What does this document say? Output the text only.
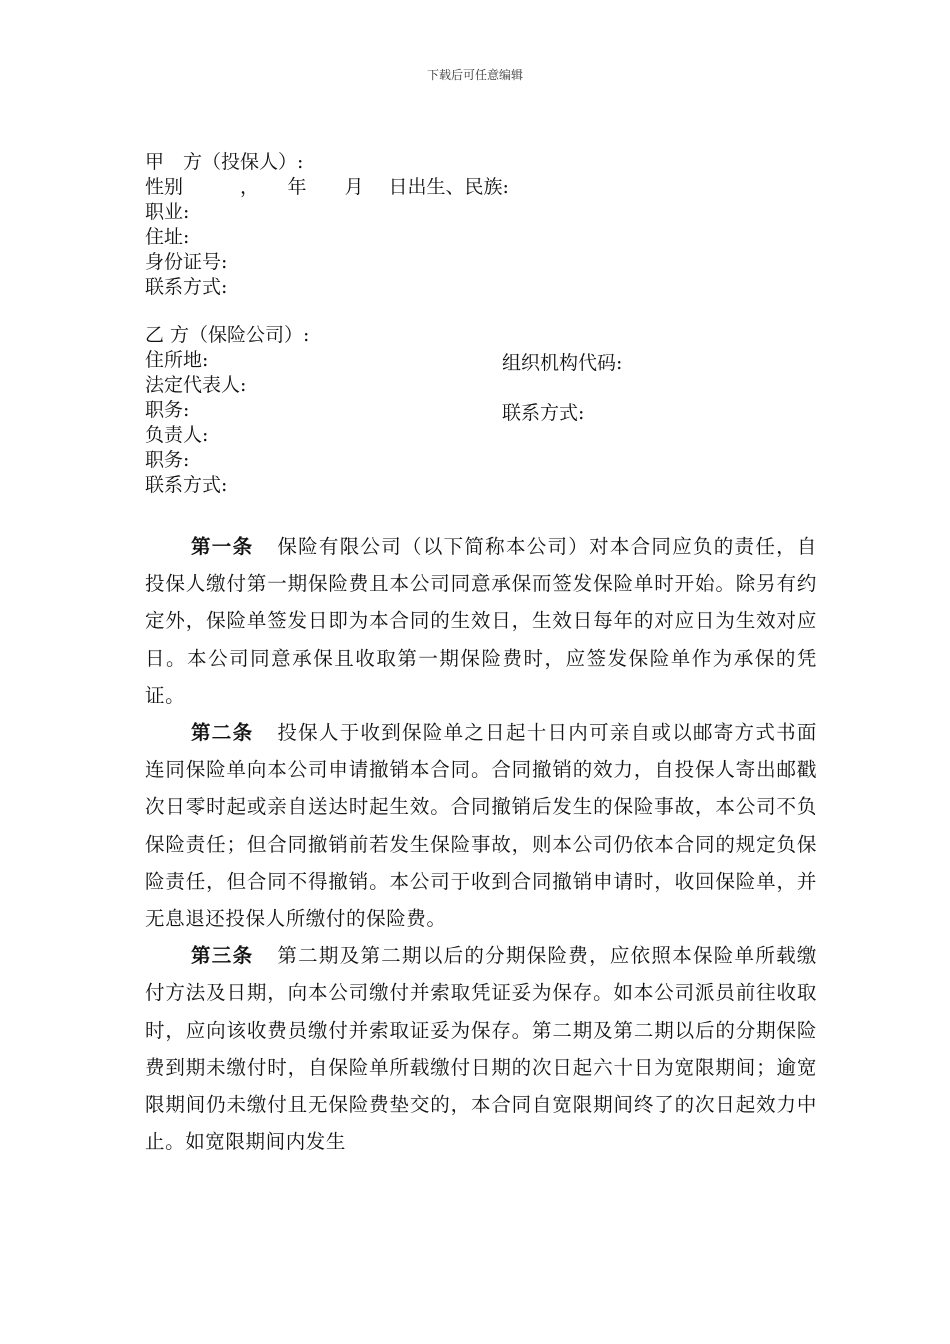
下载后可任意编辑
甲　方（投保人）:
性别　　　，　　年　　月　 日出生、民族:
职业:
住址:
身份证号:
联系方式:
乙 方（保险公司）:
住所地:
法定代表人:
职务:
负责人:
职务:
联系方式:
组织机构代码:
联系方式:

第一条 保险有限公司（以下简称本公司）对本合同应负的责任，自投保人缴付第一期保险费且本公司同意承保而签发保险单时开始。除另有约定外，保险单签发日即为本合同的生效日，生效日每年的对应日为生效对应日。本公司同意承保且收取第一期保险费时，应签发保险单作为承保的凭证。

第二条 投保人于收到保险单之日起十日内可亲自或以邮寄方式书面连同保险单向本公司申请撤销本合同。合同撤销的效力，自投保人寄出邮戳次日零时起或亲自送达时起生效。合同撤销后发生的保险事故，本公司不负保险责任；但合同撤销前若发生保险事故，则本公司仍依本合同的规定负保险责任，但合同不得撤销。本公司于收到合同撤销申请时，收回保险单，并无息退还投保人所缴付的保险费。

第三条 第二期及第二期以后的分期保险费，应依照本保险单所载缴付方法及日期，向本公司缴付并索取凭证妥为保存。如本公司派员前往收取时，应向该收费员缴付并索取证妥为保存。第二期及第二期以后的分期保险费到期未缴付时，自保险单所载缴付日期的次日起六十日为宽限期间；逾宽限期间仍未缴付且无保险费垫交的，本合同自宽限期间终了的次日起效力中止。如宽限期间内发生
